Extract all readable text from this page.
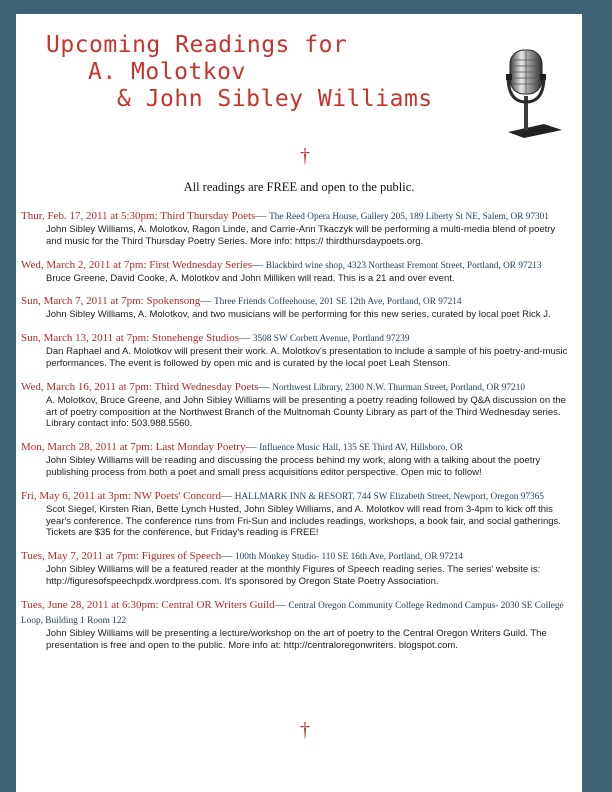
Upcoming Readings for
A. Molotkov
& John Sibley Williams
†
All readings are FREE and open to the public.
Thur, Feb. 17, 2011 at 5:30pm: Third Thursday Poets— The Reed Opera House, Gallery 205, 189 Liberty St NE, Salem, OR 97301

John Sibley Williams, A. Molotkov, Ragon Linde, and Carrie-Ann Tkaczyk will be performing a multi-media blend of poetry and music for the Third Thursday Poetry Series. More info: https:// thirdthursdaypoets.org.

Wed, March 2, 2011 at 7pm: First Wednesday Series— Blackbird wine shop, 4323 Northeast Fremont Street, Portland, OR 97213

Bruce Greene, David Cooke, A. Molotkov and John Milliken will read. This is a 21 and over event.

Sun, March 7, 2011 at 7pm: Spokensong— Three Friends Coffeehouse, 201 SE 12th Ave, Portland, OR 97214

John Sibley Williams, A. Molotkov, and two musicians will be performing for this new series, curated by local poet Rick J.

Sun, March 13, 2011 at 7pm: Stonehenge Studios— 3508 SW Corbett Avenue, Portland 97239

Dan Raphael and A. Molotkov will present their work. A. Molotkov's presentation to include a sample of his poetry-and-music performances. The event is followed by open mic and is curated by the local poet Leah Stenson.

Wed, March 16, 2011 at 7pm: Third Wednesday Poets— Northwest Library, 2300 N.W. Thurman Street, Portland, OR 97210

A. Molotkov, Bruce Greene, and John Sibley Williams will be presenting a poetry reading followed by Q&A discussion on the art of poetry composition at the Northwest Branch of the Multnomah County Library as part of the Third Wednesday series. Library contact info: 503.988.5560.

Mon, March 28, 2011 at 7pm: Last Monday Poetry— Influence Music Hall, 135 SE Third AV, Hillsboro, OR

John Sibley Williams will be reading and discussing the process behind my work, along with a talking about the poetry publishing process from both a poet and small press acquisitions editor perspective. Open mic to follow!

Fri, May 6, 2011 at 3pm: NW Poets' Concord— HALLMARK INN & RESORT, 744 SW Elizabeth Street, Newport, Oregon 97365

Scot Siegel, Kirsten Rian, Bette Lynch Husted, John Sibley Williams, and A. Molotkov will read from 3-4pm to kick off this year's conference. The conference runs from Fri-Sun and includes readings, workshops, a book fair, and social gatherings. Tickets are $35 for the conference, but Friday's reading is FREE!

Tues, May 7, 2011 at 7pm: Figures of Speech— 100th Monkey Studio- 110 SE 16th Ave, Portland, OR 97214

John Sibley Williams will be a featured reader at the monthly Figures of Speech reading series. The series' website is: http://figuresofspeechpdx.wordpress.com. It's sponsored by Oregon State Poetry Association.

Tues, June 28, 2011 at 6:30pm: Central OR Writers Guild— Central Oregon Community College Redmond Campus- 2030 SE College Loop, Building 1 Room 122

John Sibley Williams will be presenting a lecture/workshop on the art of poetry to the Central Oregon Writers Guild. The presentation is free and open to the public. More info at: http://centraloregonwriters. blogspot.com.

†
